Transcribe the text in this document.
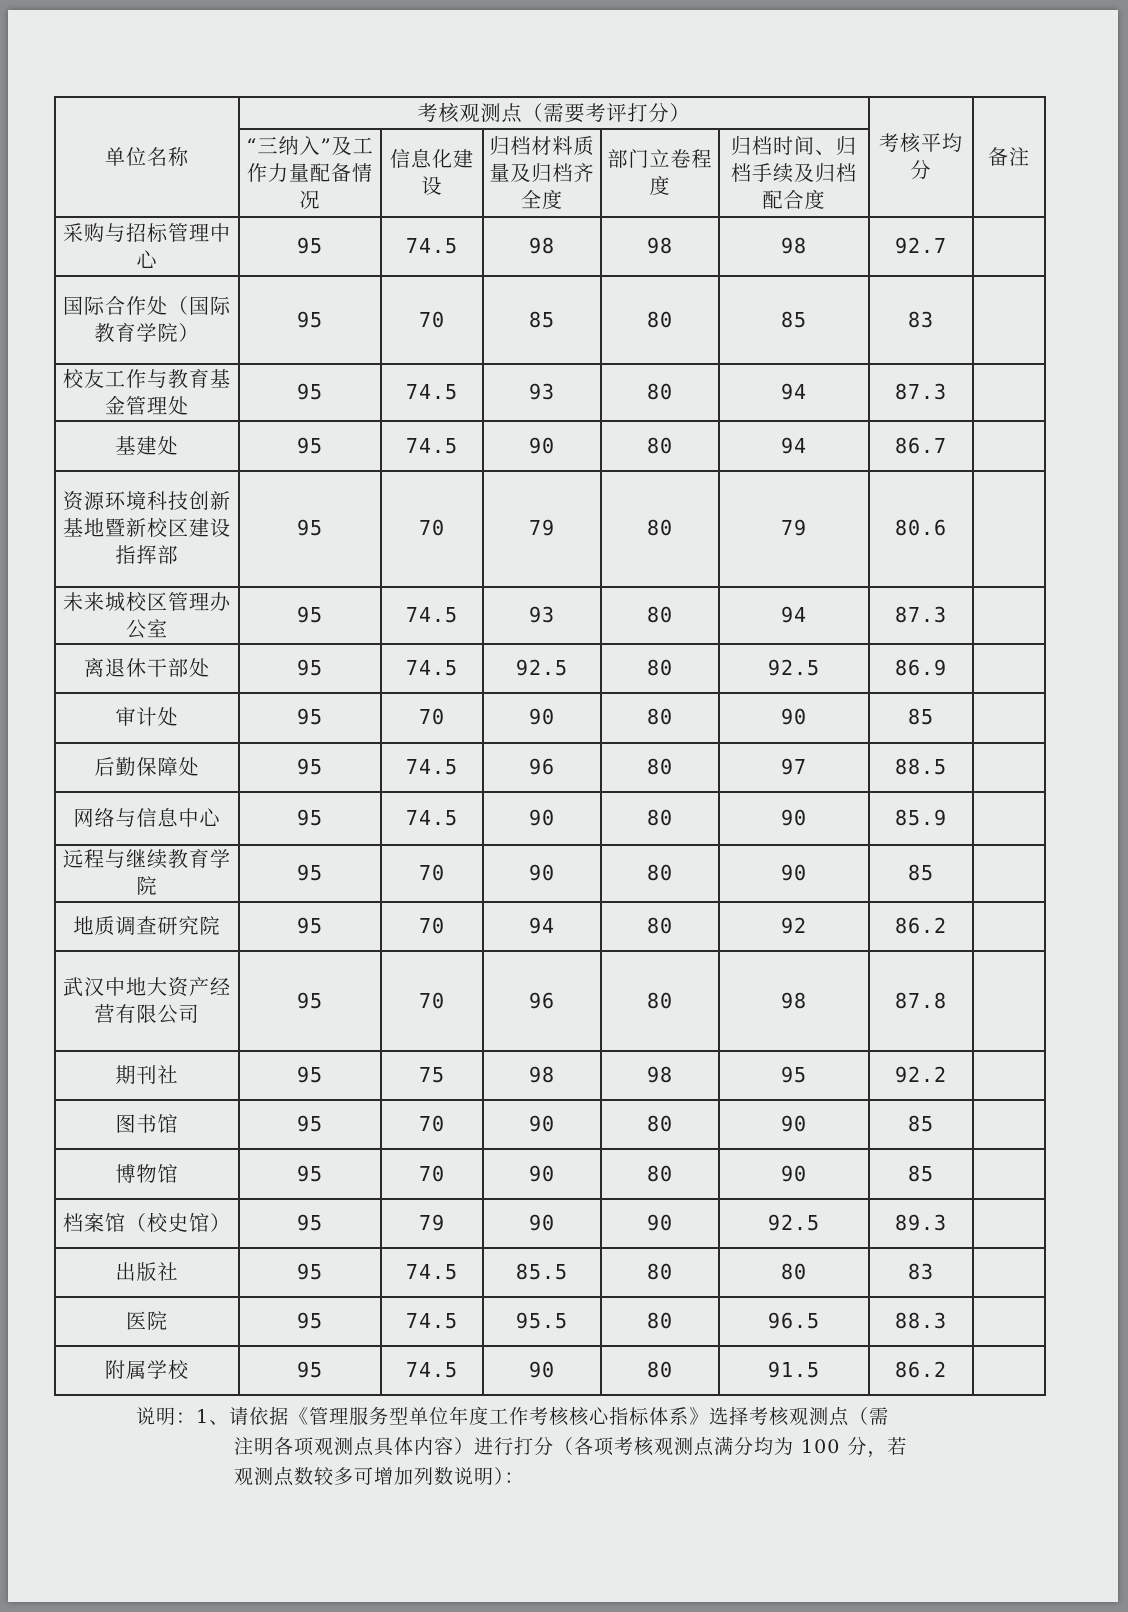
单位名称	考核观测点（需要考评打分）					考核平均分	备注
	“三纳入”及工作力量配备情况	信息化建设	归档材料质量及归档齐全度	部门立卷程度	归档时间、归档手续及归档配合度		
采购与招标管理中心	95	74.5	98	98	98	92.7	
国际合作处（国际教育学院）	95	70	85	80	85	83	
校友工作与教育基金管理处	95	74.5	93	80	94	87.3	
基建处	95	74.5	90	80	94	86.7	
资源环境科技创新基地暨新校区建设指挥部	95	70	79	80	79	80.6	
未来城校区管理办公室	95	74.5	93	80	94	87.3	
离退休干部处	95	74.5	92.5	80	92.5	86.9	
审计处	95	70	90	80	90	85	
后勤保障处	95	74.5	96	80	97	88.5	
网络与信息中心	95	74.5	90	80	90	85.9	
远程与继续教育学院	95	70	90	80	90	85	
地质调查研究院	95	70	94	80	92	86.2	
武汉中地大资产经营有限公司	95	70	96	80	98	87.8	
期刊社	95	75	98	98	95	92.2	
图书馆	95	70	90	80	90	85	
博物馆	95	70	90	80	90	85	
档案馆（校史馆）	95	79	90	90	92.5	89.3	
出版社	95	74.5	85.5	80	80	83	
医院	95	74.5	95.5	80	96.5	88.3	
附属学校	95	74.5	90	80	91.5	86.2	
说明：1、请依据《管理服务型单位年度工作考核核心指标体系》选择考核观测点（需
注明各项观测点具体内容）进行打分（各项考核观测点满分均为 100 分，若
观测点数较多可增加列数说明）：
